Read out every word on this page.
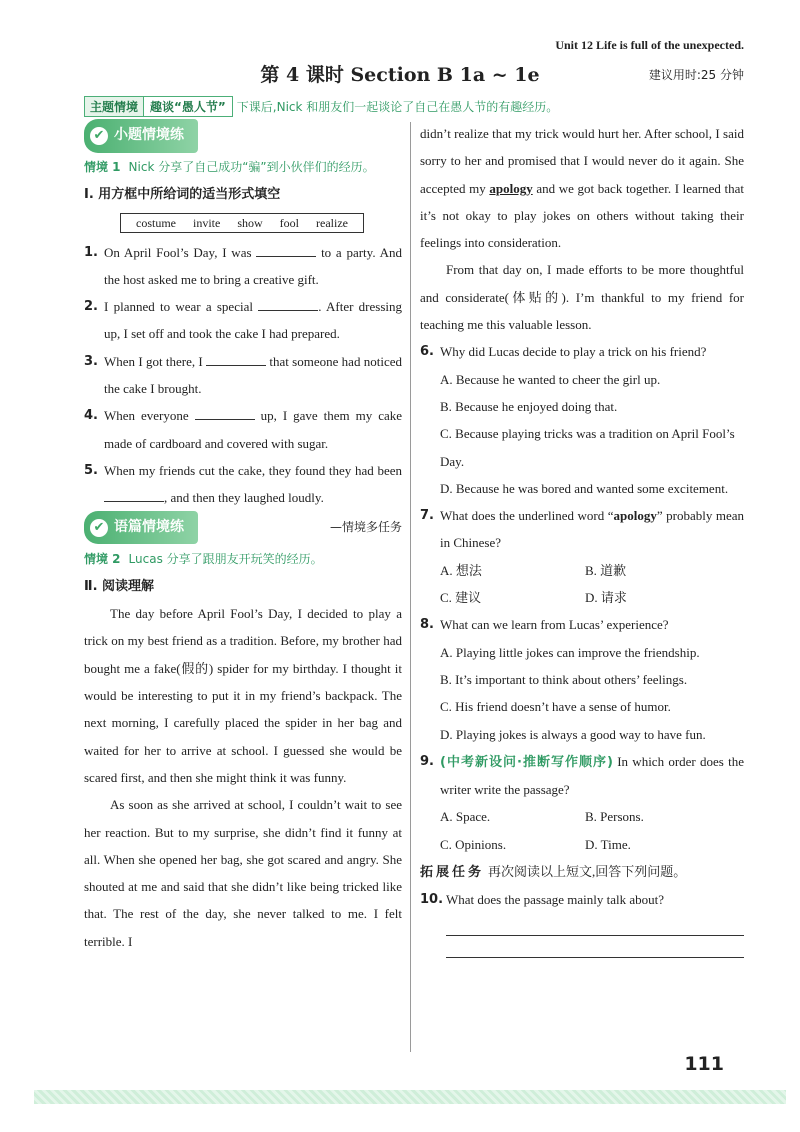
Unit 12 Life is full of the unexpected.
第 4 课时 Section B 1a ~ 1e	建议用时:25 分钟
主题情境	趣谈“愚人节” 下课后,Nick 和朋友们一起谈论了自己在愚人节的有趣经历。
✔ 小题情境练
情境 1 Nick 分享了自己成功“骗”到小伙伴们的经历。
Ⅰ. 用方框中所给词的适当形式填空
costume invite show fool realize
1. On April Fool’s Day, I was	to a party. And the host asked me to bring a creative gift.
2. I planned to wear a special	. After dressing up, I set off and took the cake I had prepared.
3. When I got there, I	that someone had noticed the cake I brought.
4. When everyone	up, I gave them my cake made of cardboard and covered with sugar.
5. When my friends cut the cake, they found they had been , and then they laughed loudly.
✔ 语篇情境练	—情境多任务
情境 2 Lucas 分享了跟朋友开玩笑的经历。
Ⅱ. 阅读理解
The day before April Fool’s Day, I decided to play a trick on my best friend as a tradition. Before, my brother had bought me a fake(假的) spider for my birthday. I thought it would be interesting to put it in my friend’s backpack. The next morning, I carefully placed the spider in her bag and waited for her to arrive at school. I guessed she would be scared first, and then she might think it was funny.
As soon as she arrived at school, I couldn’t wait to see her reaction. But to my surprise, she didn’t find it funny at all. When she opened her bag, she got scared and angry. She shouted at me and said that she didn’t like being tricked like that. The rest of the day, she never talked to me. I felt terrible. I
didn’t realize that my trick would hurt her. After school, I said sorry to her and promised that I would never do it again. She accepted my apology and we got back together. I learned that it’s not okay to play jokes on others without taking their feelings into consideration.
From that day on, I made efforts to be more thoughtful and considerate(体贴的). I’m thankful to my friend for teaching me this valuable lesson.
6. Why did Lucas decide to play a trick on his friend?
A. Because he wanted to cheer the girl up.
B. Because he enjoyed doing that.
C. Because playing tricks was a tradition on April Fool’s Day.
D. Because he was bored and wanted some excitement.
7. What does the underlined word “apology” probably mean in Chinese?
A. 想法	B. 道歉
C. 建议	D. 请求
8. What can we learn from Lucas’ experience?
A. Playing little jokes can improve the friendship.
B. It’s important to think about others’ feelings.
C. His friend doesn’t have a sense of humor.
D. Playing jokes is always a good way to have fun.
9. (中考新设问·推断写作顺序) In which order does the writer write the passage?
A. Space.	B. Persons.
C. Opinions.	D. Time.
拓展任务 再次阅读以上短文,回答下列问题。
10. What does the passage mainly talk about?
111
